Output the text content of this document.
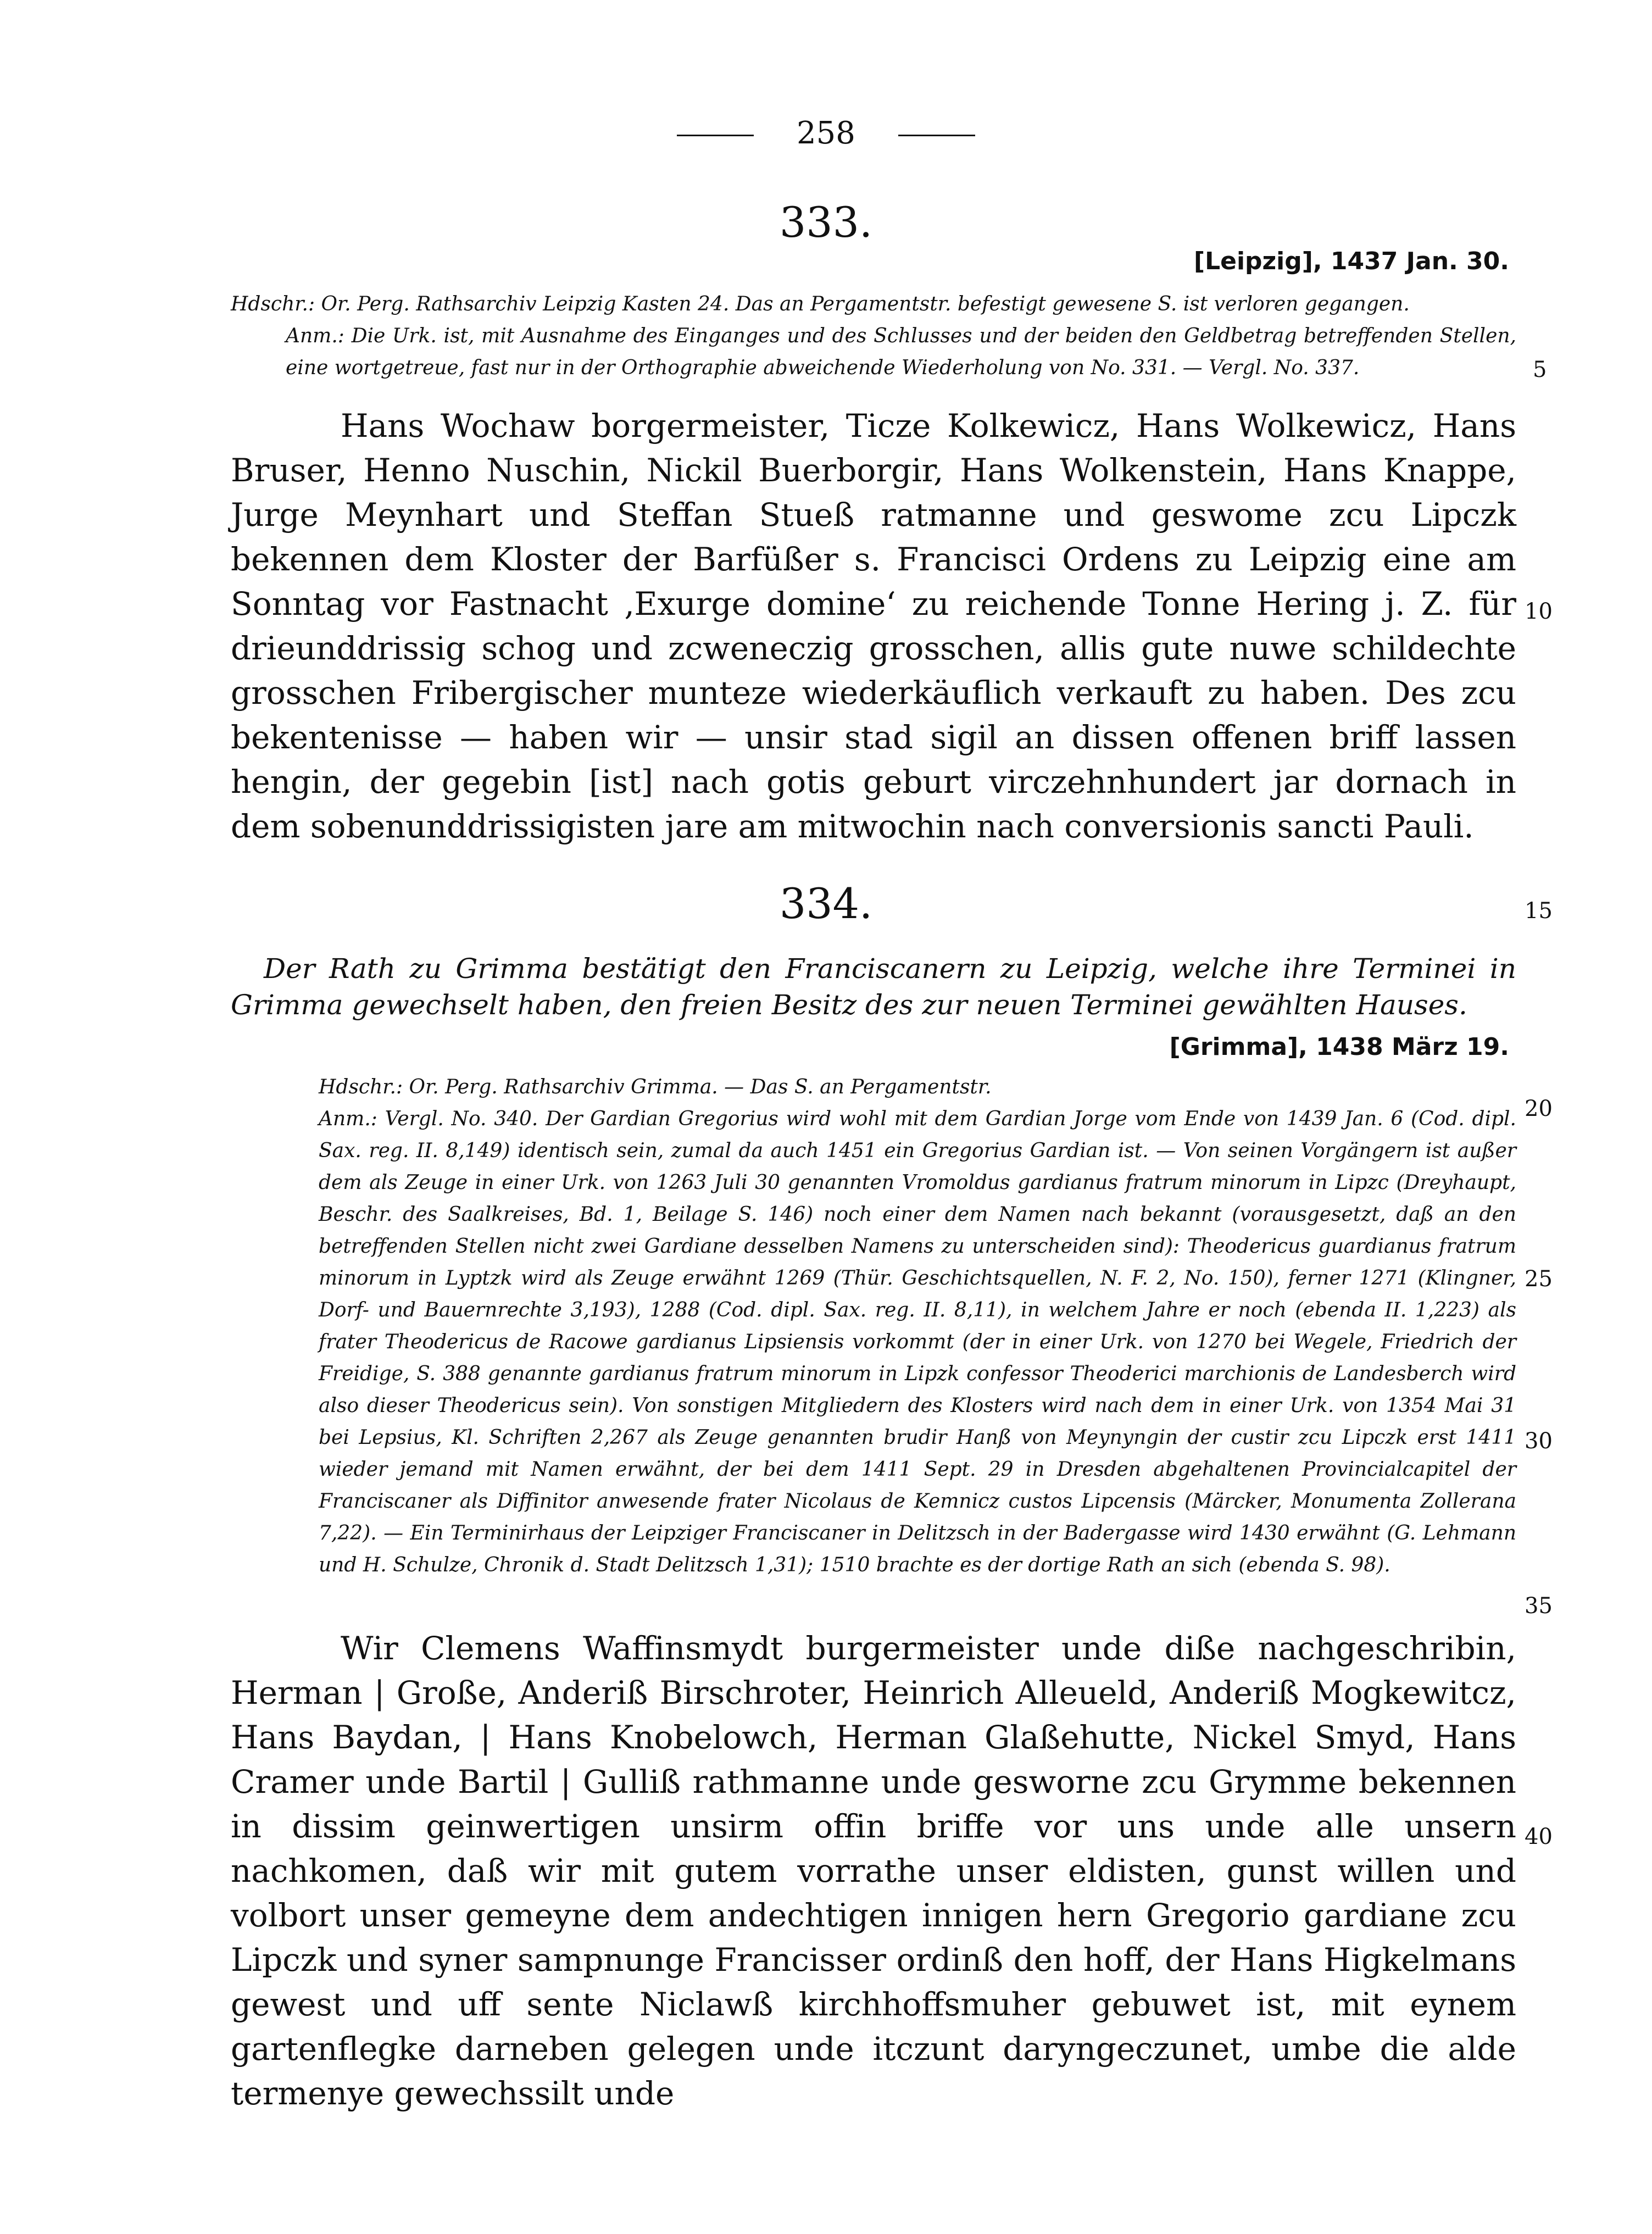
258
333.
[Leipzig], 1437 Jan. 30.

Hdschr.: Or. Perg. Rathsarchiv Leipzig Kasten 24. Das an Pergamentstr. befestigt gewesene S. ist verloren gegangen.

Anm.: Die Urk. ist, mit Ausnahme des Einganges und des Schlusses und der beiden den Geldbetrag betreffenden Stellen, eine wortgetreue, fast nur in der Orthographie abweichende Wiederholung von No. 331. — Vergl. No. 337.

Hans Wochaw borgermeister, Ticze Kolkewicz, Hans Wolkewicz, Hans Bruser, Henno Nuschin, Nickil Buerborgir, Hans Wolkenstein, Hans Knappe, Jurge Meynhart und Steffan Stueß ratmanne und geswome zcu Lipczk bekennen dem Kloster der Barfüßer s. Francisci Ordens zu Leipzig eine am Sonntag vor Fastnacht ‚Exurge domine‘ zu reichende Tonne Hering j. Z. für drieunddrissig schog und zcweneczig grosschen, allis gute nuwe schildechte grosschen Fribergischer munteze wiederkäuflich verkauft zu haben. Des zcu bekentenisse — haben wir — unsir stad sigil an dissen offenen briff lassen hengin, der gegebin [ist] nach gotis geburt virczehnhundert jar dornach in dem sobenunddrissigisten jare am mitwochin nach conversionis sancti Pauli.

334.

Der Rath zu Grimma bestätigt den Franciscanern zu Leipzig, welche ihre Terminei in Grimma gewechselt haben, den freien Besitz des zur neuen Terminei gewählten Hauses.

[Grimma], 1438 März 19.

Hdschr.: Or. Perg. Rathsarchiv Grimma. — Das S. an Pergamentstr.

Anm.: Vergl. No. 340. Der Gardian Gregorius wird wohl mit dem Gardian Jorge vom Ende von 1439 Jan. 6 (Cod. dipl. Sax. reg. II. 8,149) identisch sein, zumal da auch 1451 ein Gregorius Gardian ist. — Von seinen Vorgängern ist außer dem als Zeuge in einer Urk. von 1263 Juli 30 genannten Vromoldus gardianus fratrum minorum in Lipzc (Dreyhaupt, Beschr. des Saalkreises, Bd. 1, Beilage S. 146) noch einer dem Namen nach bekannt (vorausgesetzt, daß an den betreffenden Stellen nicht zwei Gardiane desselben Namens zu unterscheiden sind): Theodericus guardianus fratrum minorum in Lyptzk wird als Zeuge erwähnt 1269 (Thür. Geschichtsquellen, N. F. 2, No. 150), ferner 1271 (Klingner, Dorf- und Bauernrechte 3,193), 1288 (Cod. dipl. Sax. reg. II. 8,11), in welchem Jahre er noch (ebenda II. 1,223) als frater Theodericus de Racowe gardianus Lipsiensis vorkommt (der in einer Urk. von 1270 bei Wegele, Friedrich der Freidige, S. 388 genannte gardianus fratrum minorum in Lipzk confessor Theoderici marchionis de Landesberch wird also dieser Theodericus sein). Von sonstigen Mitgliedern des Klosters wird nach dem in einer Urk. von 1354 Mai 31 bei Lepsius, Kl. Schriften 2,267 als Zeuge genannten brudir Hanß von Meynyngin der custir zcu Lipczk erst 1411 wieder jemand mit Namen erwähnt, der bei dem 1411 Sept. 29 in Dresden abgehaltenen Provincialcapitel der Franciscaner als Diffinitor anwesende frater Nicolaus de Kemnicz custos Lipcensis (Märcker, Monumenta Zollerana 7,22). — Ein Terminirhaus der Leipziger Franciscaner in Delitzsch in der Badergasse wird 1430 erwähnt (G. Lehmann und H. Schulze, Chronik d. Stadt Delitzsch 1,31); 1510 brachte es der dortige Rath an sich (ebenda S. 98).

Wir Clemens Waffinsmydt burgermeister unde diße nachgeschribin, Herman | Große, Anderiß Birschroter, Heinrich Alleueld, Anderiß Mogkewitcz, Hans Baydan, | Hans Knobelowch, Herman Glaßehutte, Nickel Smyd, Hans Cramer unde Bartil | Gulliß rathmanne unde gesworne zcu Grymme bekennen in dissim geinwertigen unsirm offin briffe vor uns unde alle unsern nachkomen, daß wir mit gutem vorrathe unser eldisten, gunst willen und volbort unser gemeyne dem andechtigen innigen hern Gregorio gardiane zcu Lipczk und syner sampnunge Francisser ordinß den hoff, der Hans Higkelmans gewest und uff sente Niclawß kirchhoffsmuher gebuwet ist, mit eynem gartenflegke darneben gelegen unde itczunt daryngeczunet, umbe die alde termenye gewechssilt unde

5
10
15
20
25
30
35
40
